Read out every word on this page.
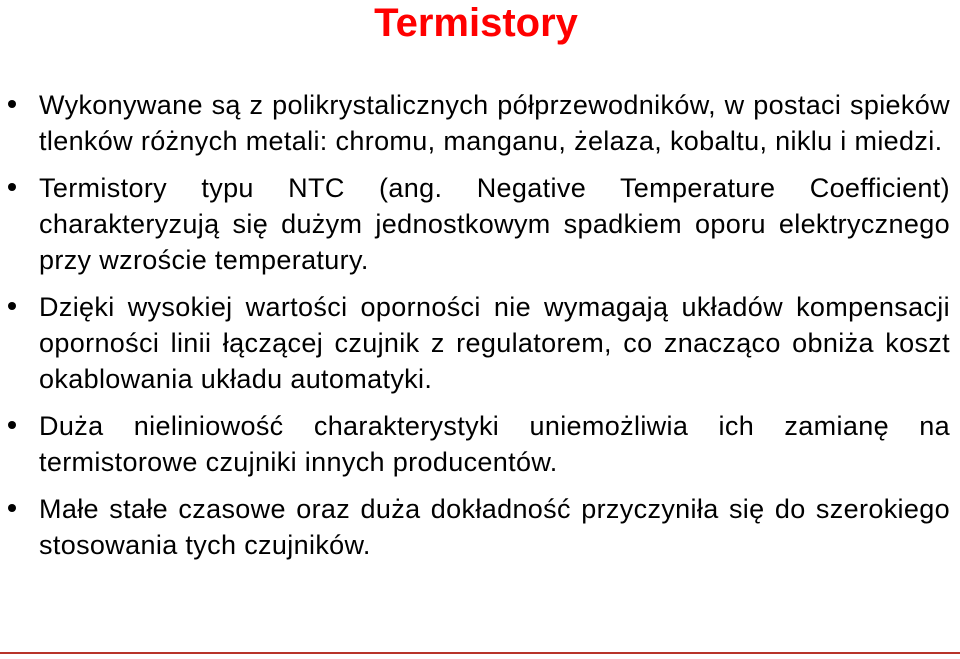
Termistory
Wykonywane są z polikrystalicznych półprzewodników, w postaci spieków tlenków różnych metali: chromu, manganu, żelaza, kobaltu, niklu i miedzi.
Termistory typu NTC (ang. Negative Temperature Coefficient) charakteryzują się dużym jednostkowym spadkiem oporu elektrycznego przy wzroście temperatury.
Dzięki wysokiej wartości oporności nie wymagają układów kompensacji oporności linii łączącej czujnik z regulatorem, co znacząco obniża koszt okablowania układu automatyki.
Duża nieliniowość charakterystyki uniemożliwia ich zamianę na termistorowe czujniki innych producentów.
Małe stałe czasowe oraz duża dokładność przyczyniła się do szerokiego stosowania tych czujników.
